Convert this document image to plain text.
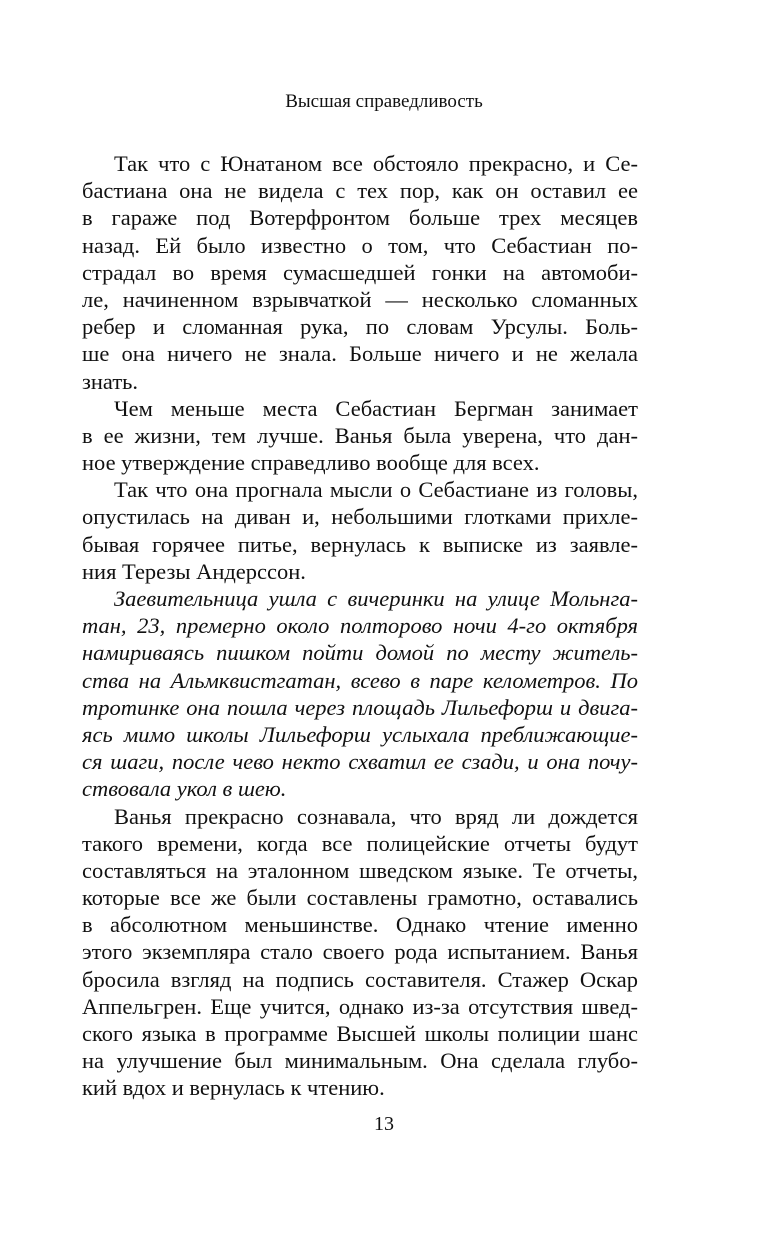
Высшая справедливость
Так что с Юнатаном все обстояло прекрасно, и Се-
бастиана она не видела с тех пор, как он оставил ее
в гараже под Вотерфронтом больше трех месяцев
назад. Ей было известно о том, что Себастиан по-
страдал во время сумасшедшей гонки на автомоби-
ле, начиненном взрывчаткой — несколько сломанных
ребер и сломанная рука, по словам Урсулы. Боль-
ше она ничего не знала. Больше ничего и не желала
знать.
Чем меньше места Себастиан Бергман занимает
в ее жизни, тем лучше. Ванья была уверена, что дан-
ное утверждение справедливо вообще для всех.
Так что она прогнала мысли о Себастиане из головы,
опустилась на диван и, небольшими глотками прихле-
бывая горячее питье, вернулась к выписке из заявле-
ния Терезы Андерссон.
Заевительница ушла с вичеринки на улице Мольнга-
тан, 23, премерно около полтoрово ночи 4-го октября
намириваясь пишком пойти домой по месту житель-
ства на Альмквистгатан, всево в паре келометров. По
тротинке она пошла через площадь Лильефорш и двига-
ясь мимо школы Лильефорш услыхала преближающие-
ся шаги, после чево некто схватил ее сзади, и она почу-
ствовала укол в шею.
Ванья прекрасно сознавала, что вряд ли дождется
такого времени, когда все полицейские отчеты будут
составляться на эталонном шведском языке. Те отчеты,
которые все же были составлены грамотно, оставались
в абсолютном меньшинстве. Однако чтение именно
этого экземпляра стало своего рода испытанием. Ванья
бросила взгляд на подпись составителя. Стажер Оскар
Аппельгрен. Еще учится, однако из-за отсутствия швед-
ского языка в программе Высшей школы полиции шанс
на улучшение был минимальным. Она сделала глубо-
кий вдох и вернулась к чтению.
13
